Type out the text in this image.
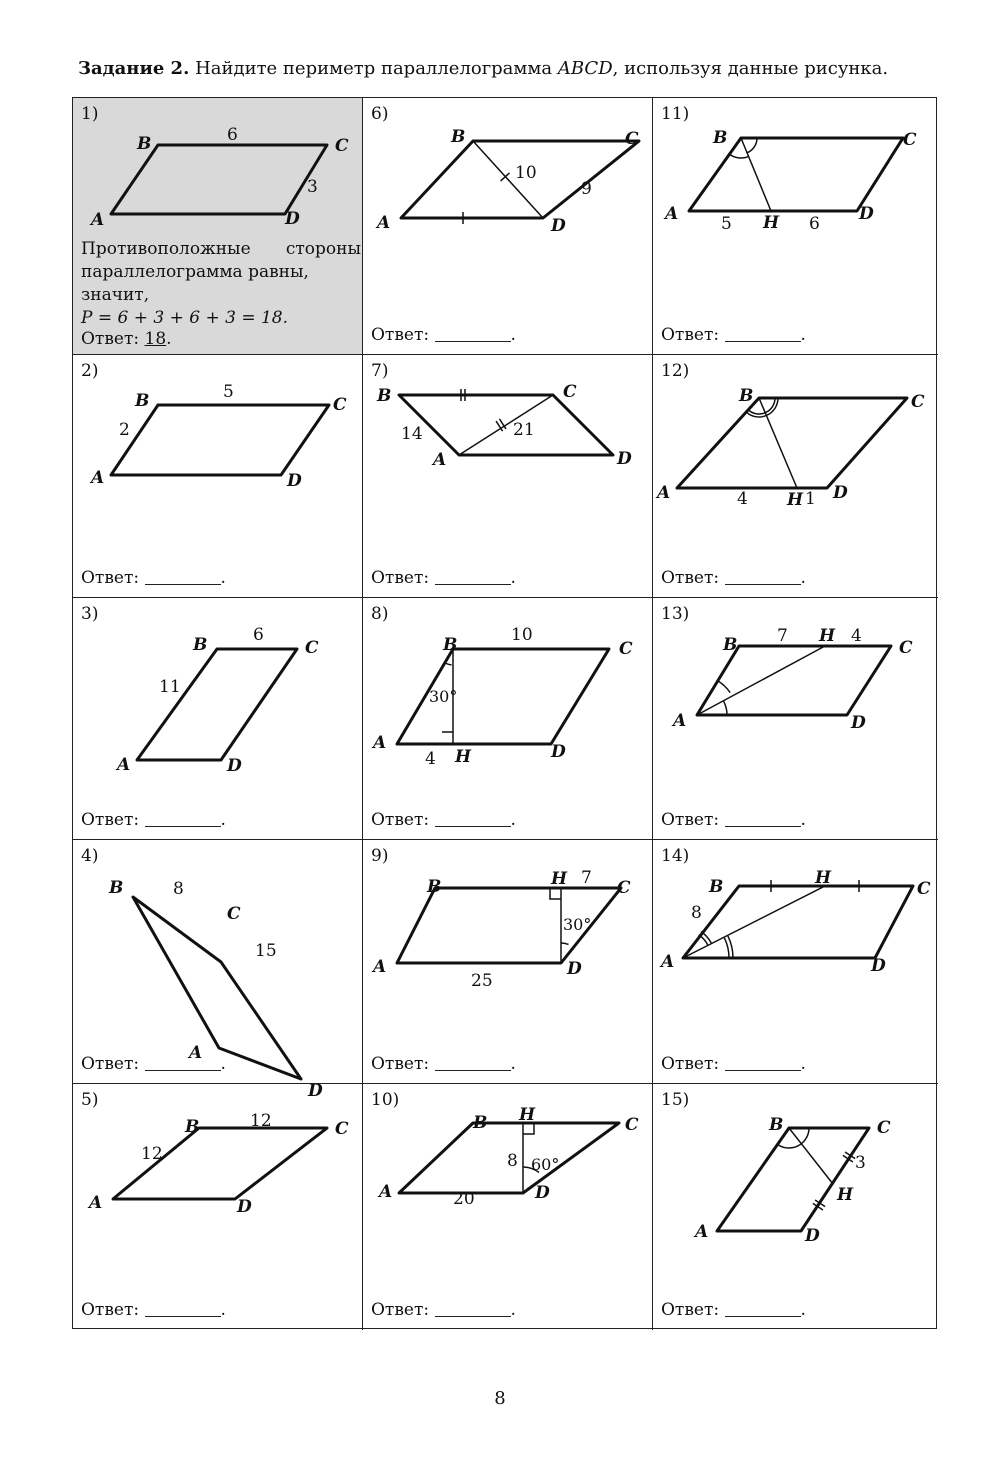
Задание 2. Найдите периметр параллелограмма ABCD, используя данные рисунка.
1)
A
B	C
D
6
3
Ответ: 18.
Противоположные стороны параллелограмма равны,
значит,
P = 6 + 3 + 6 + 3 = 18.
2)
A
B	C
D
5
2
Ответ:	.
3)
A
B	C
D
6
11
Ответ:	.
4)
B
C
A
D
8
15
Ответ:	.
5)
A
B	C
D
12
12
Ответ:	.
6)
A
B	C
D
10
9
Ответ:	.
7)
B	C
A	D
14	21
Ответ:	.
8)
A
B	C
D
H
10
30°
4
Ответ:	.
9)
A
B	C
D
H 7
30°
25
Ответ:	.
10)
A
B	C
D
H
8 60°
20
Ответ:	.
11)
A
B	C
D
H
5	6
Ответ:	.
12)
A
B	C
D
H
4	1
Ответ:	.
13)
A
B	C
D
H
7	4
Ответ:	.
14)
A
B	C
D
H
8
Ответ:	.
15)
A
B	C
D
H
3
Ответ:	.
8
